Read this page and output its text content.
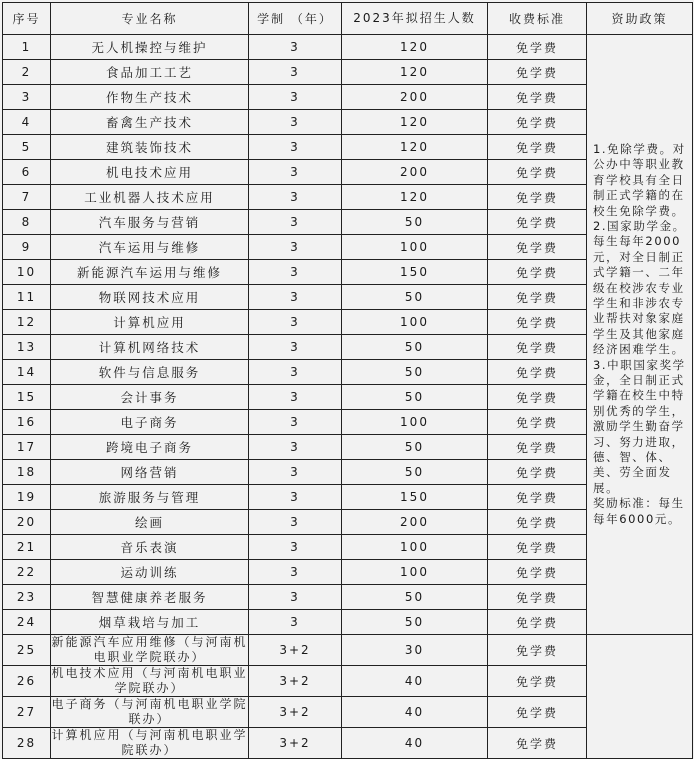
序号	专业名称	学制 （年）	2023年拟招生人数	收费标准	资助政策
1	无人机操控与维护	3	120	免学费	1.免除学费。对公办中等职业教育学校具有全日制正式学籍的在校生免除学费。
2.国家助学金。每生每年2000元，对全日制正式学籍一、二年级在校涉农专业学生和非涉农专业帮扶对象家庭学生及其他家庭经济困难学生。
3.中职国家奖学金，全日制正式学籍在校生中特别优秀的学生，激励学生勤奋学习、努力进取，德、智、体、美、劳全面发展。
奖励标准：每生每年6000元。
2	食品加工工艺	3	120	免学费	
3	作物生产技术	3	200	免学费	
4	畜禽生产技术	3	120	免学费	
5	建筑装饰技术	3	120	免学费	
6	机电技术应用	3	200	免学费	
7	工业机器人技术应用	3	120	免学费	
8	汽车服务与营销	3	50	免学费	
9	汽车运用与维修	3	100	免学费	
10	新能源汽车运用与维修	3	150	免学费	
11	物联网技术应用	3	50	免学费	
12	计算机应用	3	100	免学费	
13	计算机网络技术	3	50	免学费	
14	软件与信息服务	3	50	免学费	
15	会计事务	3	50	免学费	
16	电子商务	3	100	免学费	
17	跨境电子商务	3	50	免学费	
18	网络营销	3	50	免学费	
19	旅游服务与管理	3	150	免学费	
20	绘画	3	200	免学费	
21	音乐表演	3	100	免学费	
22	运动训练	3	100	免学费	
23	智慧健康养老服务	3	50	免学费	
24	烟草栽培与加工	3	50	免学费	
25	新能源汽车应用维修（与河南机电职业学院联办）	3+2	30	免学费	
26	机电技术应用（与河南机电职业学院联办）	3+2	40	免学费	
27	电子商务（与河南机电职业学院联办）	3+2	40	免学费	
28	计算机应用（与河南机电职业学院联办）	3+2	40	免学费	
